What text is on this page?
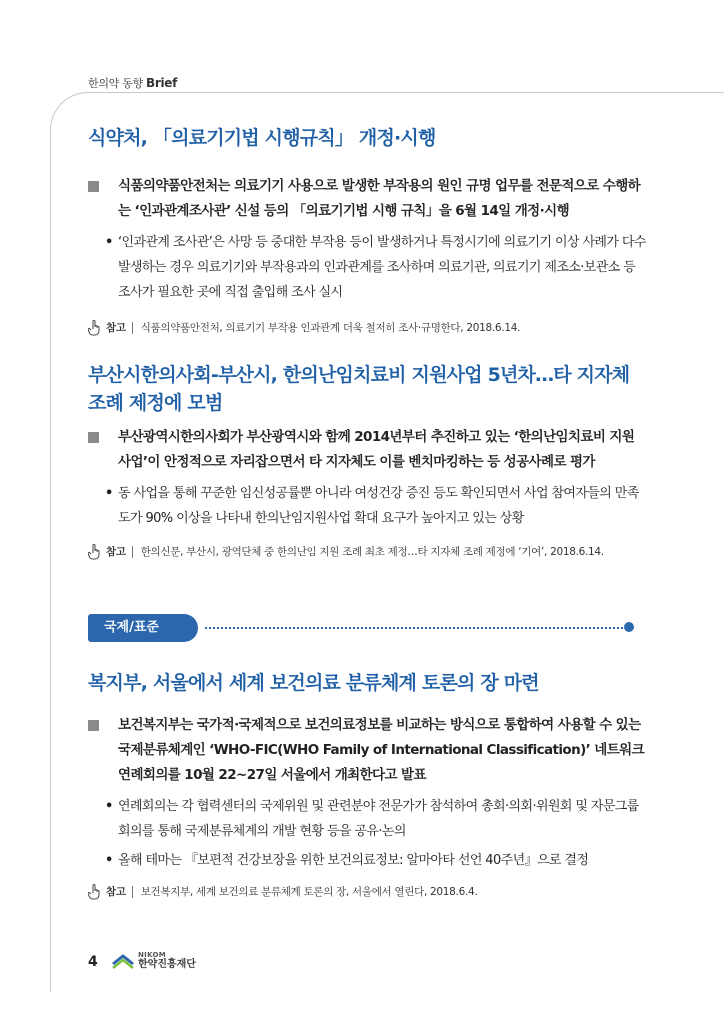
한의약 동향 Brief
식약처, 「의료기기법 시행규칙」 개정·시행
식품의약품안전처는 의료기기 사용으로 발생한 부작용의 원인 규명 업무를 전문적으로 수행하는 ‘인과관계조사관’ 신설 등의 「의료기기법 시행 규칙」을 6월 14일 개정·시행
• ‘인과관계 조사관’은 사망 등 중대한 부작용 등이 발생하거나 특정시기에 의료기기 이상 사례가 다수 발생하는 경우 의료기기와 부작용과의 인과관계를 조사하며 의료기관, 의료기기 제조소·보관소 등 조사가 필요한 곳에 직접 출입해 조사 실시
참고 식품의약품안전처, 의료기기 부작용 인과관계 더욱 철저히 조사·규명한다, 2018.6.14.
부산시한의사회-부산시, 한의난임치료비 지원사업 5년차…타 지자체 조례 제정에 모범
부산광역시한의사회가 부산광역시와 함께 2014년부터 추진하고 있는 ‘한의난임치료비 지원 사업’이 안정적으로 자리잡으면서 타 지자체도 이를 벤치마킹하는 등 성공사례로 평가
• 동 사업을 통해 꾸준한 임신성공률뿐 아니라 여성건강 증진 등도 확인되면서 사업 참여자들의 만족도가 90% 이상을 나타내 한의난임지원사업 확대 요구가 높아지고 있는 상황
참고 한의신문, 부산시, 광역단체 중 한의난임 지원 조례 최초 제정…타 지자체 조례 제정에 ‘기여’, 2018.6.14.
국제/표준
복지부, 서울에서 세계 보건의료 분류체계 토론의 장 마련
보건복지부는 국가적·국제적으로 보건의료정보를 비교하는 방식으로 통합하여 사용할 수 있는 국제분류체계인 ‘WHO-FIC(WHO Family of International Classification)’ 네트워크 연례회의를 10월 22~27일 서울에서 개최한다고 발표
• 연례회의는 각 협력센터의 국제위원 및 관련분야 전문가가 참석하여 총회·의회·위원회 및 자문그룹회의를 통해 국제분류체계의 개발 현황 등을 공유·논의
• 올해 테마는 『보편적 건강보장을 위한 보건의료정보: 알마아타 선언 40주년』으로 결정
참고 보건복지부, 세계 보건의료 분류체계 토론의 장, 서울에서 열린다, 2018.6.4.
4	NIKOM
한약진흥재단
